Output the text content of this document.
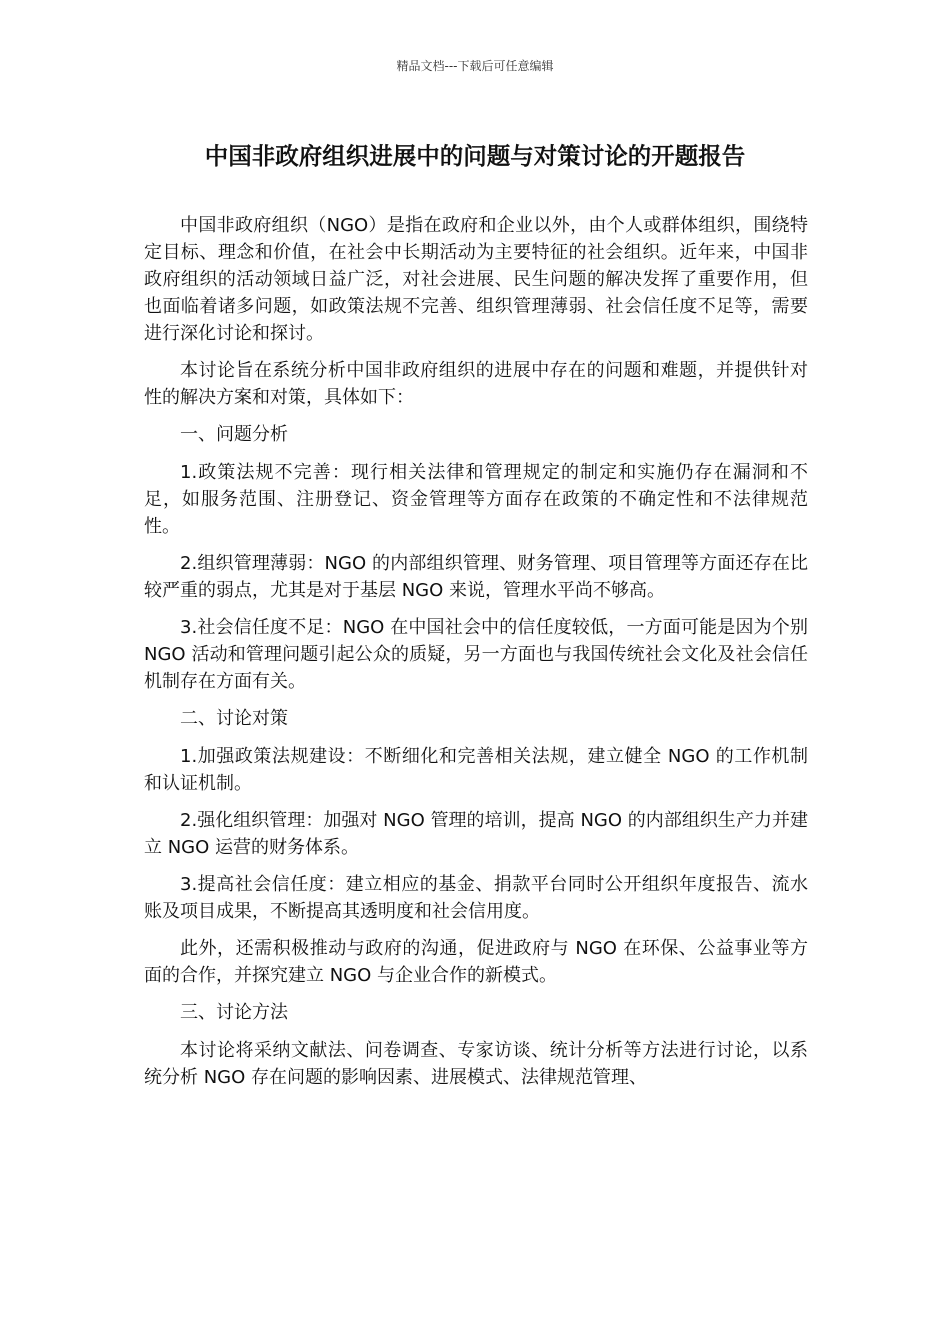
精品文档---下载后可任意编辑
中国非政府组织进展中的问题与对策讨论的开题报告

中国非政府组织（NGO）是指在政府和企业以外，由个人或群体组织，围绕特定目标、理念和价值，在社会中长期活动为主要特征的社会组织。近年来，中国非政府组织的活动领域日益广泛，对社会进展、民生问题的解决发挥了重要作用，但也面临着诸多问题，如政策法规不完善、组织管理薄弱、社会信任度不足等，需要进行深化讨论和探讨。

本讨论旨在系统分析中国非政府组织的进展中存在的问题和难题，并提供针对性的解决方案和对策，具体如下：

一、问题分析

1.政策法规不完善：现行相关法律和管理规定的制定和实施仍存在漏洞和不足，如服务范围、注册登记、资金管理等方面存在政策的不确定性和不法律规范性。

2.组织管理薄弱：NGO 的内部组织管理、财务管理、项目管理等方面还存在比较严重的弱点，尤其是对于基层 NGO 来说，管理水平尚不够高。

3.社会信任度不足：NGO 在中国社会中的信任度较低，一方面可能是因为个别 NGO 活动和管理问题引起公众的质疑，另一方面也与我国传统社会文化及社会信任机制存在方面有关。

二、讨论对策

1.加强政策法规建设：不断细化和完善相关法规，建立健全 NGO 的工作机制和认证机制。

2.强化组织管理：加强对 NGO 管理的培训，提高 NGO 的内部组织生产力并建立 NGO 运营的财务体系。

3.提高社会信任度：建立相应的基金、捐款平台同时公开组织年度报告、流水账及项目成果，不断提高其透明度和社会信用度。

此外，还需积极推动与政府的沟通，促进政府与 NGO 在环保、公益事业等方面的合作，并探究建立 NGO 与企业合作的新模式。

三、讨论方法

本讨论将采纳文献法、问卷调查、专家访谈、统计分析等方法进行讨论，以系统分析 NGO 存在问题的影响因素、进展模式、法律规范管理、
